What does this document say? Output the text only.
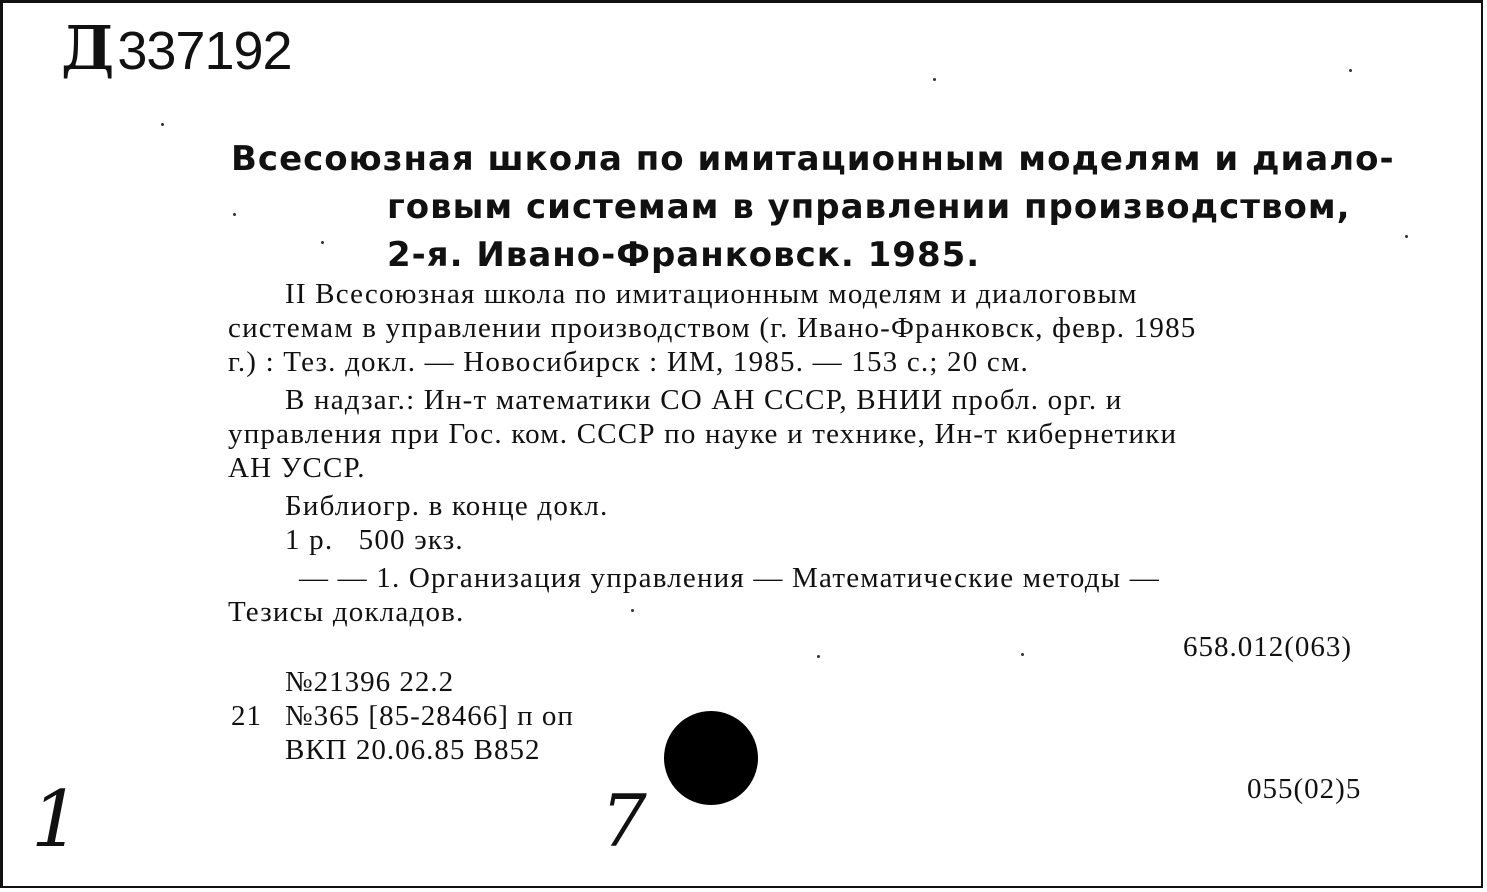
Д337192
Всесоюзная школа по имитационным моделям и диало-
говым системам в управлении производством,
2-я. Ивано-Франковск. 1985.
II Всесоюзная школа по имитационным моделям и диалоговым
системам в управлении производством (г. Ивано-Франковск, февр. 1985
г.) : Тез. докл. — Новосибирск : ИМ, 1985. — 153 с.; 20 см.
В надзаг.: Ин-т математики СО АН СССР, ВНИИ пробл. орг. и
управления при Гос. ком. СССР по науке и технике, Ин-т кибернетики
АН УССР.
Библиогр. в конце докл.
1 р.   500 экз.
— — 1. Организация управления — Математические методы —
Тезисы докладов.
658.012(063)
№21396 22.2
21 №365 [85-28466] п оп
ВКП 20.06.85 В852
055(02)5
1	7
